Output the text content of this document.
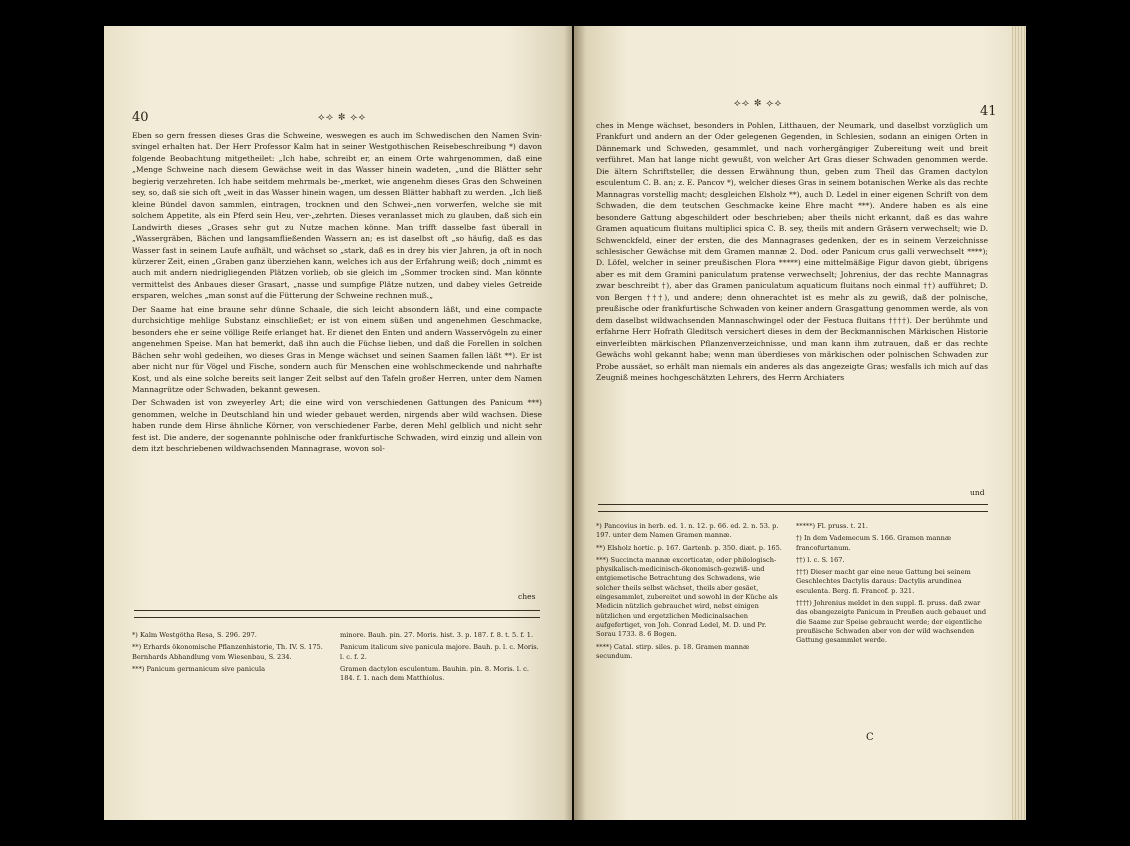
40	⟡⟢ ✽ ⟣⟡

Eben so gern fressen dieses Gras die Schweine, weswegen es auch im Schwedischen den Namen Svin-svingel erhalten hat. Der Herr Professor Kalm hat in seiner Westgothischen Reisebeschreibung *) davon folgende Beobachtung mitgetheilet: „Ich habe, schreibt er, an einem Orte wahrgenommen, daß eine „Menge Schweine nach diesem Gewächse weit in das Wasser hinein wadeten, „und die Blätter sehr begierig verzehreten. Ich habe seitdem mehrmals be-„merket, wie angenehm dieses Gras den Schweinen sey, so, daß sie sich oft „weit in das Wasser hinein wagen, um dessen Blätter habhaft zu werden. „Ich ließ kleine Bündel davon sammlen, eintragen, trocknen und den Schwei-„nen vorwerfen, welche sie mit solchem Appetite, als ein Pferd sein Heu, ver-„zehrten. Dieses veranlasset mich zu glauben, daß sich ein Landwirth dieses „Grases sehr gut zu Nutze machen könne. Man trifft dasselbe fast überall in „Wassergräben, Bächen und langsamfließenden Wassern an; es ist daselbst oft „so häufig, daß es das Wasser fast in seinem Laufe aufhält, und wächset so „stark, daß es in drey bis vier Jahren, ja oft in noch kürzerer Zeit, einen „Graben ganz überziehen kann, welches ich aus der Erfahrung weiß; doch „nimmt es auch mit andern niedrigliegenden Plätzen vorlieb, ob sie gleich im „Sommer trocken sind. Man könnte vermittelst des Anbaues dieser Grasart, „nasse und sumpfige Plätze nutzen, und dabey vieles Getreide ersparen, welches „man sonst auf die Fütterung der Schweine rechnen muß.„

Der Saame hat eine braune sehr dünne Schaale, die sich leicht absondern läßt, und eine compacte durchsichtige mehlige Substanz einschließet; er ist von einem süßen und angenehmen Geschmacke, besonders ehe er seine völlige Reife erlanget hat. Er dienet den Enten und andern Wasservögeln zu einer angenehmen Speise. Man hat bemerkt, daß ihn auch die Füchse lieben, und daß die Forellen in solchen Bächen sehr wohl gedeihen, wo dieses Gras in Menge wächset und seinen Saamen fallen läßt **). Er ist aber nicht nur für Vögel und Fische, sondern auch für Menschen eine wohlschmeckende und nahrhafte Kost, und als eine solche bereits seit langer Zeit selbst auf den Tafeln großer Herren, unter dem Namen Mannagrütze oder Schwaden, bekannt gewesen.

Der Schwaden ist von zweyerley Art; die eine wird von verschiedenen Gattungen des Panicum ***) genommen, welche in Deutschland hin und wieder gebauet werden, nirgends aber wild wachsen. Diese haben runde dem Hirse ähnliche Körner, von verschiedener Farbe, deren Mehl gelblich und nicht sehr fest ist. Die andere, der sogenannte pohlnische oder frankfurtische Schwaden, wird einzig und allein von dem itzt beschriebenen wildwachsenden Mannagrase, wovon sol-

ches

*) Kalm Westgötha Resa, S. 296. 297.

**) Erhards ökonomische Pflanzenhistorie, Th. IV. S. 175. Bernhards Abhandlung vom Wiesenbau, S. 234.

***) Panicum germanicum sive panicula

minore. Bauh. pin. 27. Moris. hist. 3. p. 187. f. 8. t. 5. f. 1.

Panicum italicum sive panicula majore. Bauh. p. l. c. Moris. l. c. f. 2.

Gramen dactylon esculentum. Bauhin. pin. 8. Moris. l. c. 184. f. 1. nach dem Matthiolus.

⟡⟢ ✽ ⟣⟡
41

ches in Menge wächset, besonders in Pohlen, Litthauen, der Neumark, und daselbst vorzüglich um Frankfurt und andern an der Oder gelegenen Gegenden, in Schlesien, sodann an einigen Orten in Dännemark und Schweden, gesammlet, und nach vorhergängiger Zubereitung weit und breit verführet. Man hat lange nicht gewußt, von welcher Art Gras dieser Schwaden genommen werde. Die ältern Schriftsteller, die dessen Erwähnung thun, geben zum Theil das Gramen dactylon esculentum C. B. an; z. E. Pancov *), welcher dieses Gras in seinem botanischen Werke als das rechte Mannagras vorstellig macht; desgleichen Elsholz **), auch D. Ledel in einer eigenen Schrift von dem Schwaden, die dem teutschen Geschmacke keine Ehre macht ***). Andere haben es als eine besondere Gattung abgeschildert oder beschrieben; aber theils nicht erkannt, daß es das wahre Gramen aquaticum fluitans multiplici spica C. B. sey, theils mit andern Gräsern verwechselt; wie D. Schwenckfeld, einer der ersten, die des Mannagrases gedenken, der es in seinem Verzeichnisse schlesischer Gewächse mit dem Gramen mannæ 2. Dod. oder Panicum crus galli verwechselt ****); D. Löfel, welcher in seiner preußischen Flora *****) eine mittelmäßige Figur davon giebt, übrigens aber es mit dem Gramini paniculatum pratense verwechselt; Johrenius, der das rechte Mannagras zwar beschreibt †), aber das Gramen paniculatum aquaticum fluitans noch einmal ††) aufführet; D. von Bergen †††), und andere; denn ohnerachtet ist es mehr als zu gewiß, daß der polnische, preußische oder frankfurtische Schwaden von keiner andern Grasgattung genommen werde, als von dem daselbst wildwachsenden Mannaschwingel oder der Festuca fluitans ††††). Der berühmte und erfahrne Herr Hofrath Gleditsch versichert dieses in dem der Beckmannischen Märkischen Historie einverleibten märkischen Pflanzenverzeichnisse, und man kann ihm zutrauen, daß er das rechte Gewächs wohl gekannt habe; wenn man überdieses von märkischen oder polnischen Schwaden zur Probe aussäet, so erhält man niemals ein anderes als das angezeigte Gras; wesfalls ich mich auf das Zeugniß meines hochgeschätzten Lehrers, des Herrn Archiaters

und

*) Pancovius in herb. ed. 1. n. 12. p. 66. ed. 2. n. 53. p. 197. unter dem Namen Gramen mannæ.

**) Elsholz hortic. p. 167. Gartenb. p. 350. diæt. p. 165.

***) Succincta mannæ excorticatæ, oder philologisch-physikalisch-medicinisch-ökonomisch-gezwiß- und entgiemetische Betrachtung des Schwadens, wie solcher theils selbst wächset, theils aber gesäet, eingesammlet, zubereitet und sowohl in der Küche als Medicin nützlich gebrauchet wird, nebst einigen nützlichen und ergetzlichen Medicinalsachen aufgefertiget, von Joh. Conrad Ledel, M. D. und Pr. Sorau 1733. 8. 6 Bogen.

****) Catal. stirp. siles. p. 18. Gramen mannæ secundum.

*****) Fl. pruss. t. 21.

†) In dem Vademecum S. 166. Gramen mannæ francofurtanum.

††) l. c. S. 167.

†††) Dieser macht gar eine neue Gattung bei seinem Geschlechtes Dactylis daraus: Dactylis arundinea esculenta. Berg. fl. Francof. p. 321.

††††) Johrenius meldet in den suppl. fl. pruss. daß zwar das obangezeigte Panicum in Preußen auch gebauet und die Saame zur Speise gebraucht werde; der eigentliche preußische Schwaden aber von der wild wachsenden Gattung gesammlet werde.

C
